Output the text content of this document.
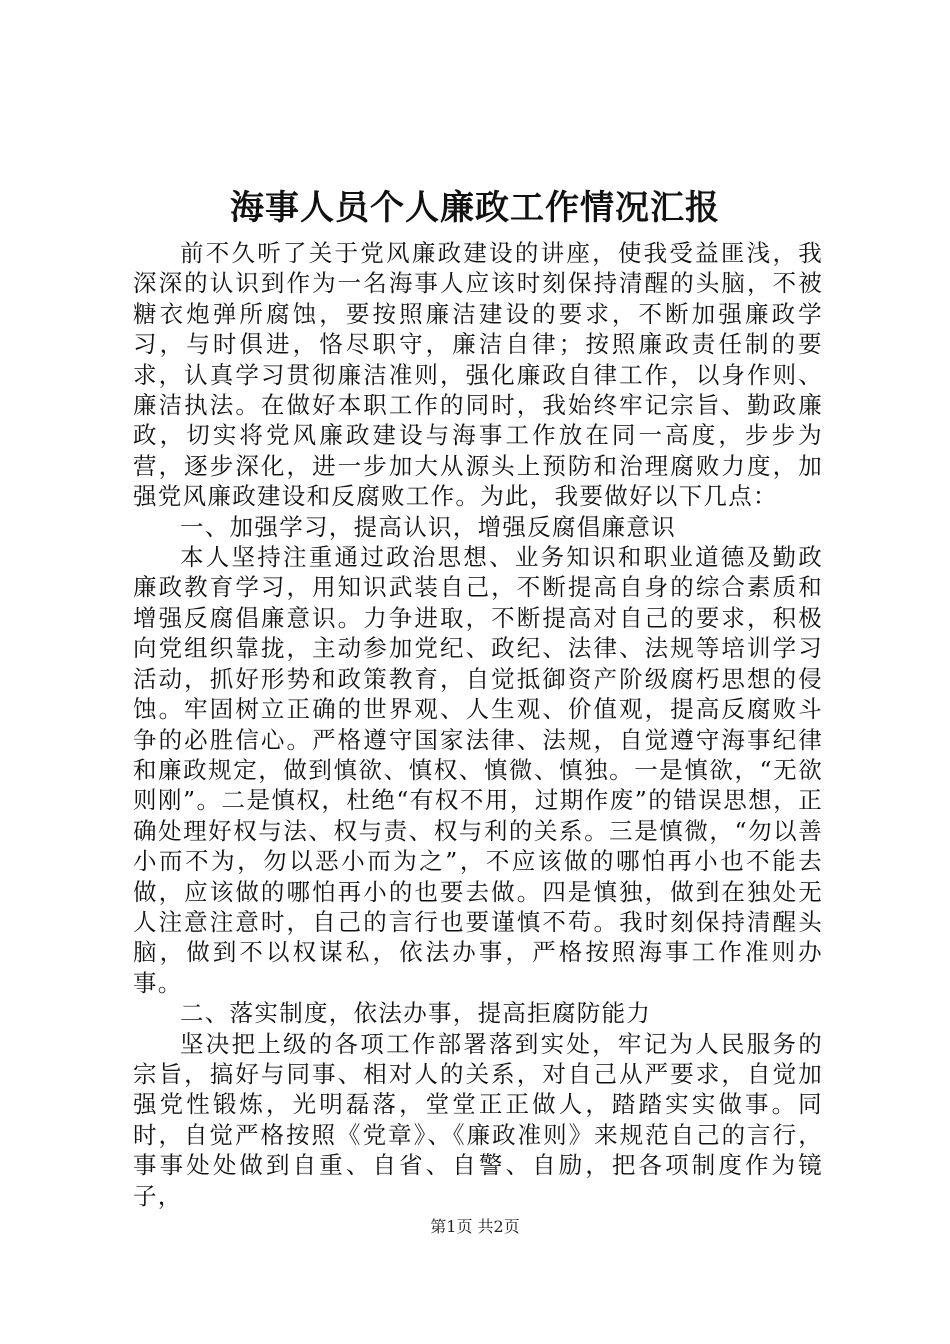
海事人员个人廉政工作情况汇报

前不久听了关于党风廉政建设的讲座，使我受益匪浅，我深深的认识到作为一名海事人应该时刻保持清醒的头脑，不被糖衣炮弹所腐蚀，要按照廉洁建设的要求，不断加强廉政学习，与时俱进，恪尽职守，廉洁自律；按照廉政责任制的要求，认真学习贯彻廉洁准则，强化廉政自律工作，以身作则、廉洁执法。在做好本职工作的同时，我始终牢记宗旨、勤政廉政，切实将党风廉政建设与海事工作放在同一高度，步步为营，逐步深化，进一步加大从源头上预防和治理腐败力度，加强党风廉政建设和反腐败工作。为此，我要做好以下几点：

一、加强学习，提高认识，增强反腐倡廉意识

本人坚持注重通过政治思想、业务知识和职业道德及勤政廉政教育学习，用知识武装自己，不断提高自身的综合素质和增强反腐倡廉意识。力争进取，不断提高对自己的要求，积极向党组织靠拢，主动参加党纪、政纪、法律、法规等培训学习活动，抓好形势和政策教育，自觉抵御资产阶级腐朽思想的侵蚀。牢固树立正确的世界观、人生观、价值观，提高反腐败斗争的必胜信心。严格遵守国家法律、法规，自觉遵守海事纪律和廉政规定，做到慎欲、慎权、慎微、慎独。一是慎欲，“无欲则刚”。二是慎权，杜绝“有权不用，过期作废”的错误思想，正确处理好权与法、权与责、权与利的关系。三是慎微，“勿以善小而不为，勿以恶小而为之”，不应该做的哪怕再小也不能去做，应该做的哪怕再小的也要去做。四是慎独，做到在独处无人注意注意时，自己的言行也要谨慎不苟。我时刻保持清醒头脑，做到不以权谋私，依法办事，严格按照海事工作准则办事。

二、落实制度，依法办事，提高拒腐防能力

坚决把上级的各项工作部署落到实处，牢记为人民服务的宗旨，搞好与同事、相对人的关系，对自己从严要求，自觉加强党性锻炼，光明磊落，堂堂正正做人，踏踏实实做事。同时，自觉严格按照《党章》、《廉政准则》来规范自己的言行，事事处处做到自重、自省、自警、自励，把各项制度作为镜子，

第1页 共2页
